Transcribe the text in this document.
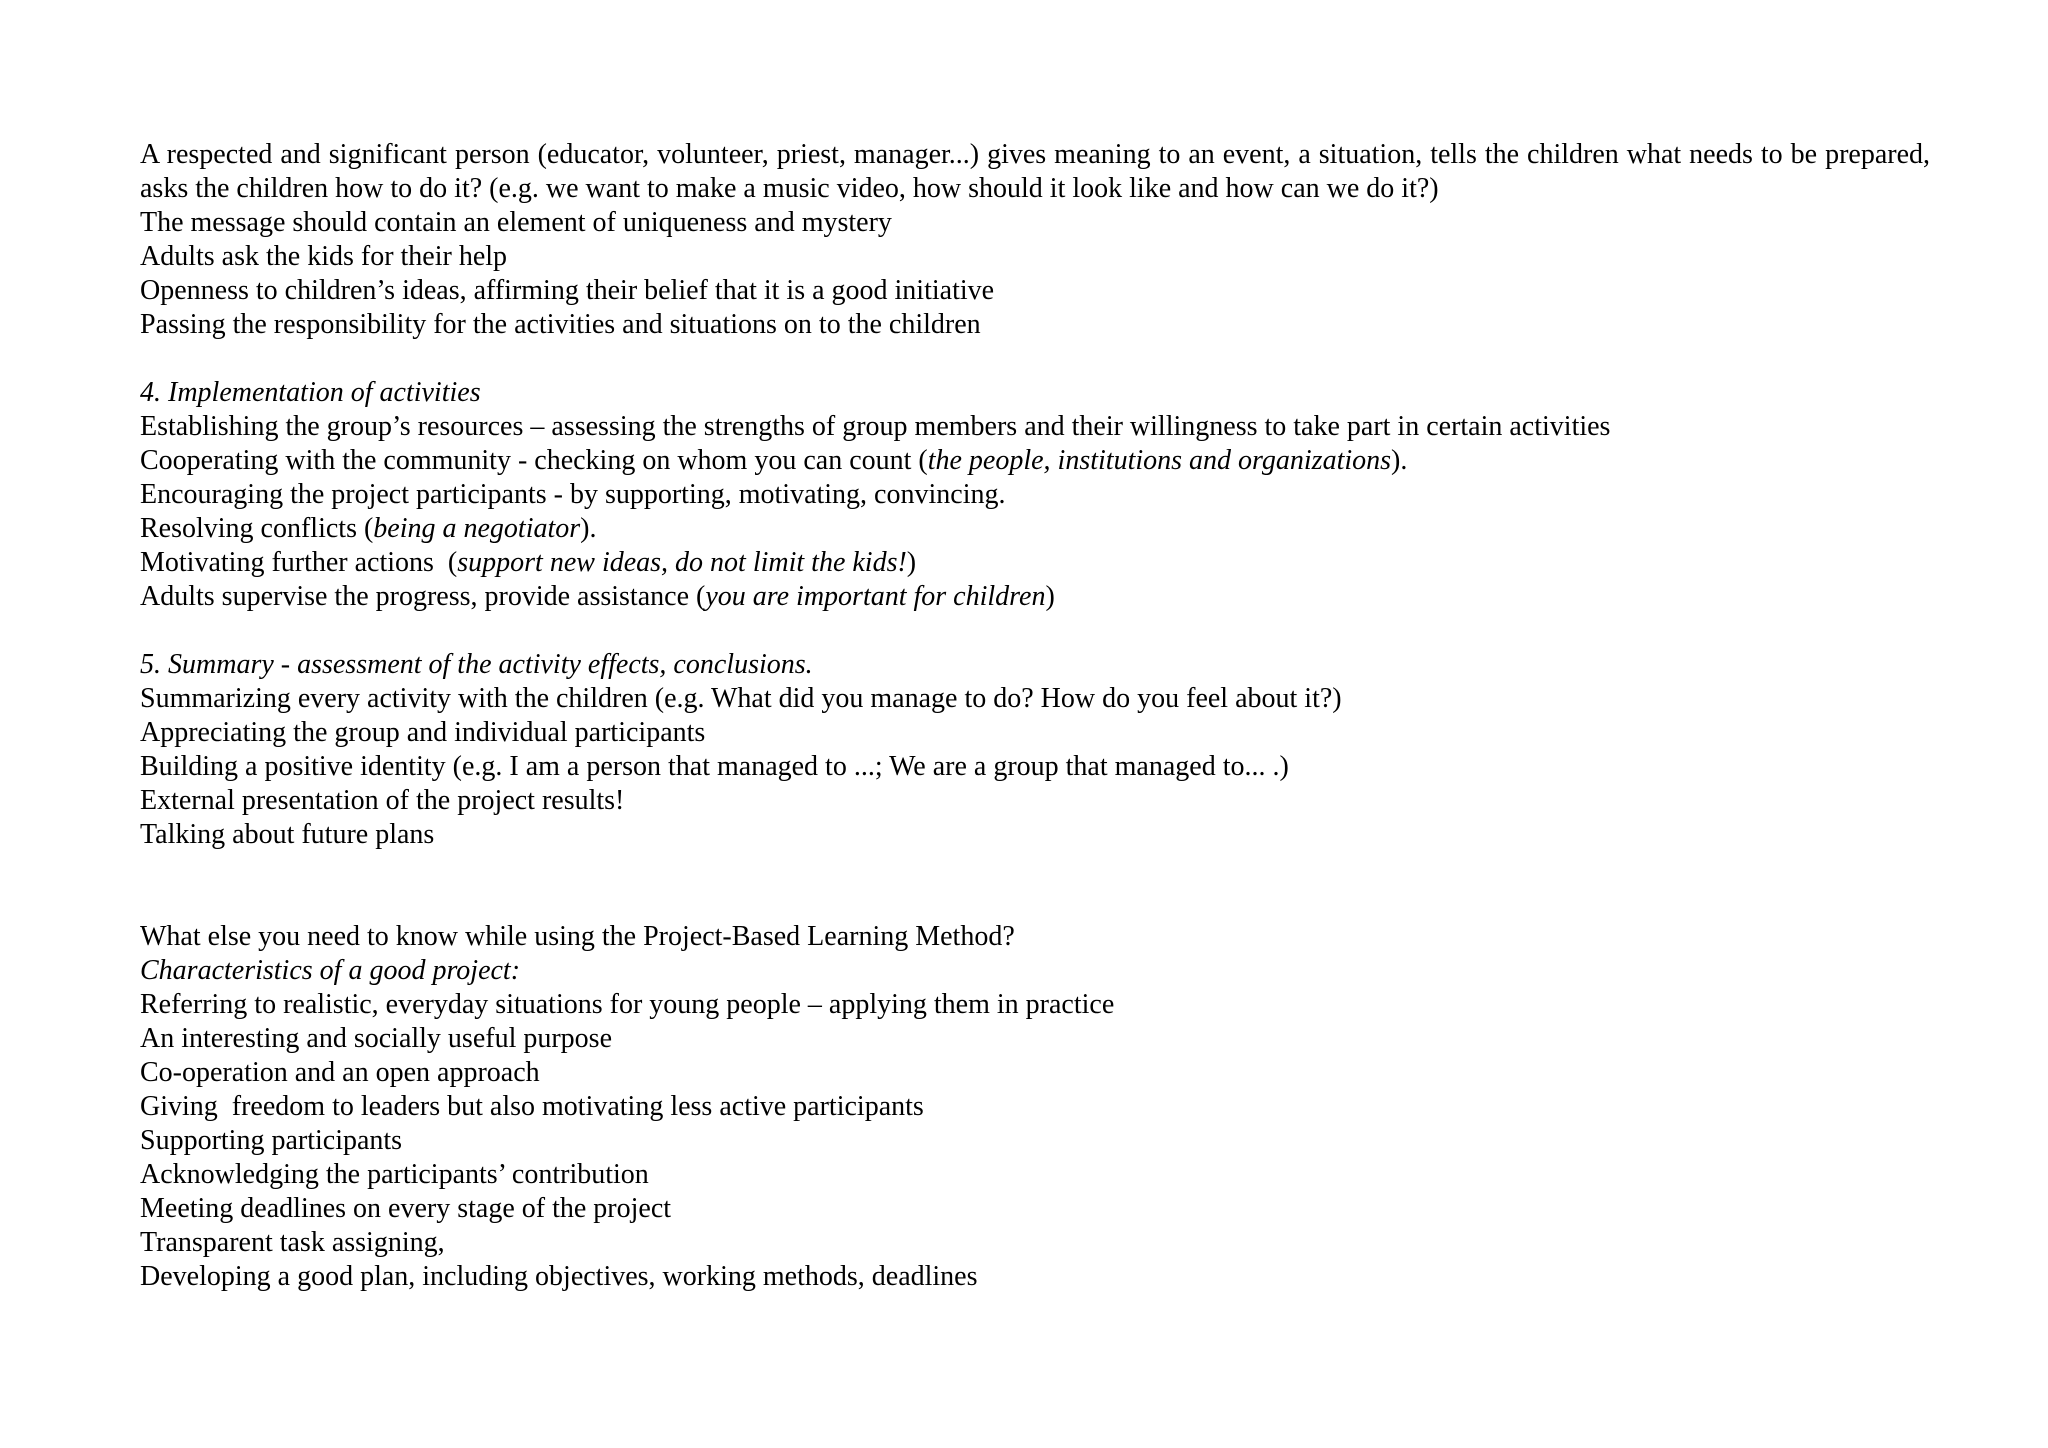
A respected and significant person (educator, volunteer, priest, manager...) gives meaning to an event, a situation, tells the children what needs to be prepared, asks the children how to do it? (e.g. we want to make a music video, how should it look like and how can we do it?)
The message should contain an element of uniqueness and mystery
Adults ask the kids for their help
Openness to children’s ideas, affirming their belief that it is a good initiative
Passing the responsibility for the activities and situations on to the children
4. Implementation of activities
Establishing the group’s resources – assessing the strengths of group members and their willingness to take part in certain activities
Cooperating with the community - checking on whom you can count (the people, institutions and organizations).
Encouraging the project participants - by supporting, motivating, convincing.
Resolving conflicts (being a negotiator).
Motivating further actions  (support new ideas, do not limit the kids!)
Adults supervise the progress, provide assistance (you are important for children)
5. Summary - assessment of the activity effects, conclusions.
Summarizing every activity with the children (e.g. What did you manage to do? How do you feel about it?)
Appreciating the group and individual participants
Building a positive identity (e.g. I am a person that managed to ...; We are a group that managed to... .)
External presentation of the project results!
Talking about future plans
What else you need to know while using the Project-Based Learning Method?
Characteristics of a good project:
Referring to realistic, everyday situations for young people – applying them in practice
An interesting and socially useful purpose
Co-operation and an open approach
Giving  freedom to leaders but also motivating less active participants
Supporting participants
Acknowledging the participants’ contribution
Meeting deadlines on every stage of the project
Transparent task assigning,
Developing a good plan, including objectives, working methods, deadlines
